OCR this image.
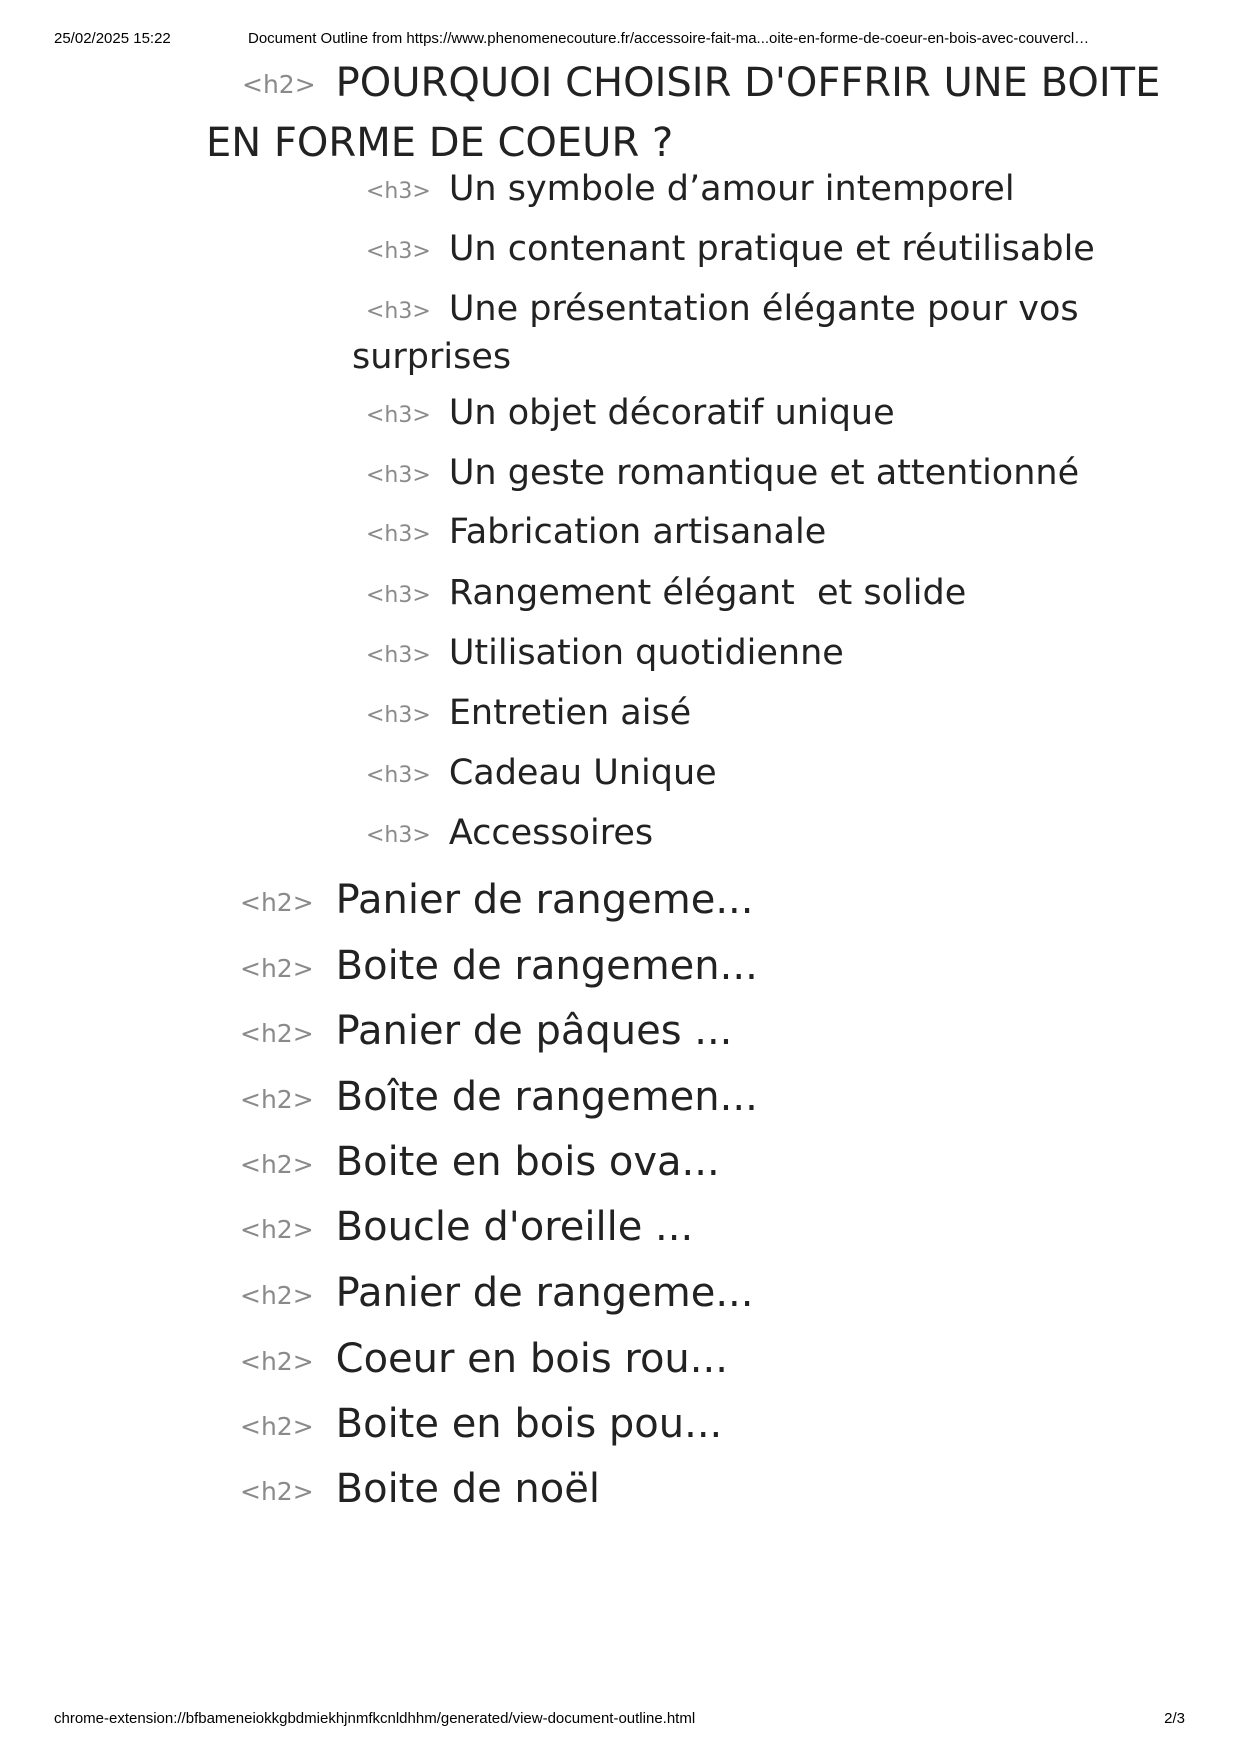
25/02/2025 15:22	Document Outline from https://www.phenomenecouture.fr/accessoire-fait-ma...oite-en-forme-de-coeur-en-bois-avec-couvercl…
<h2> POURQUOI CHOISIR D'OFFRIR UNE BOITE
EN FORME DE COEUR ?
<h3> Un symbole d’amour intemporel
<h3> Un contenant pratique et réutilisable
<h3> Une présentation élégante pour vos
surprises
<h3> Un objet décoratif unique
<h3> Un geste romantique et attentionné
<h3> Fabrication artisanale
<h3> Rangement élégant  et solide
<h3> Utilisation quotidienne
<h3> Entretien aisé
<h3> Cadeau Unique
<h3> Accessoires
<h2> Panier de rangeme...
<h2> Boite de rangemen...
<h2> Panier de pâques ...
<h2> Boîte de rangemen...
<h2> Boite en bois ova...
<h2> Boucle d'oreille ...
<h2> Panier de rangeme...
<h2> Coeur en bois rou...
<h2> Boite en bois pou...
<h2> Boite de noël
chrome-extension://bfbameneiokkgbdmiekhjnmfkcnldhhm/generated/view-document-outline.html	2/3
